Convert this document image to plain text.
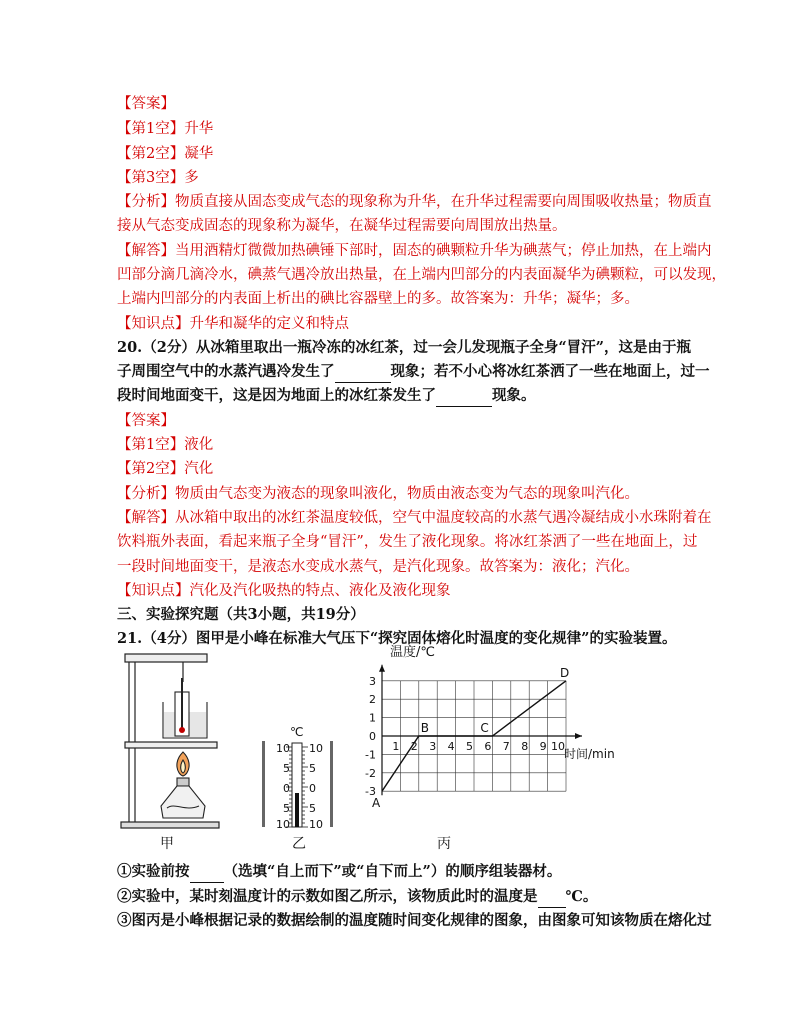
【答案】
【第1空】升华
【第2空】凝华
【第3空】多
【分析】物质直接从固态变成气态的现象称为升华，在升华过程需要向周围吸收热量；物质直
接从气态变成固态的现象称为凝华，在凝华过程需要向周围放出热量。
【解答】当用酒精灯微微加热碘锤下部时，固态的碘颗粒升华为碘蒸气；停止加热，在上端内
凹部分滴几滴冷水，碘蒸气遇冷放出热量，在上端内凹部分的内表面凝华为碘颗粒，可以发现，
上端内凹部分的内表面上析出的碘比容器壁上的多。故答案为：升华；凝华；多。
【知识点】升华和凝华的定义和特点
20.（2分）从冰箱里取出一瓶冷冻的冰红茶，过一会儿发现瓶子全身“冒汗”，这是由于瓶
子周围空气中的水蒸汽遇冷发生了	现象；若不小心将冰红茶洒了一些在地面上，过一
段时间地面变干，这是因为地面上的冰红茶发生了	现象。
【答案】
【第1空】液化
【第2空】汽化
【分析】物质由气态变为液态的现象叫液化，物质由液态变为气态的现象叫汽化。
【解答】从冰箱中取出的冰红茶温度较低，空气中温度较高的水蒸气遇冷凝结成小水珠附着在
饮料瓶外表面，看起来瓶子全身“冒汗”，发生了液化现象。将冰红茶洒了一些在地面上，过
一段时间地面变干，是液态水变成水蒸气，是汽化现象。故答案为：液化；汽化。
【知识点】汽化及汽化吸热的特点、液化及液化现象
三、实验探究题（共3小题，共19分）
21.（4分）图甲是小峰在标准大气压下“探究固体熔化时温度的变化规律”的实验装置。
甲
℃
10
5
0
5
10
10
5
0
5
10
乙
温度/℃
时间/min
1 2 3 4 5 6 7 8 9 10
3
2
1
0
-1
-2
-3
A
B	C
D
丙
①实验前按 （选填“自上而下”或“自下而上”）的顺序组装器材。
②实验中，某时刻温度计的示数如图乙所示，该物质此时的温度是 ℃。
③图丙是小峰根据记录的数据绘制的温度随时间变化规律的图象，由图象可知该物质在熔化过
